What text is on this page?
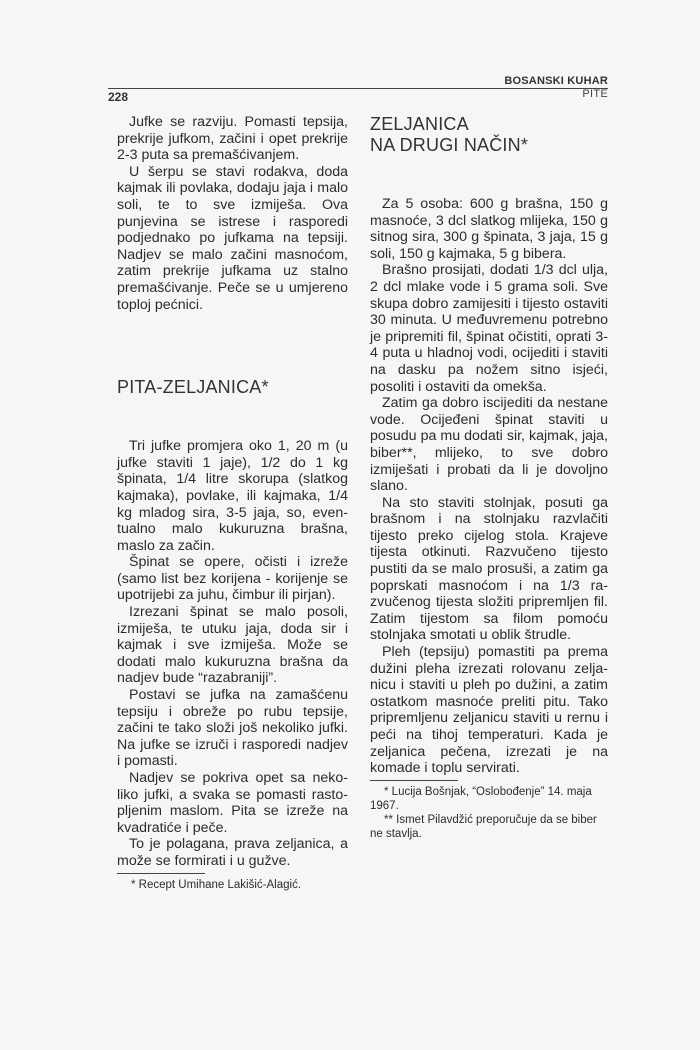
BOSANSKI KUHAR
PITE
228

Jufke se razviju. Pomasti tepsija, prekrije jufkom, začini i opet prekrije 2-3 puta sa premašćivanjem.

U šerpu se stavi rodakva, doda kajmak ili povlaka, dodaju jaja i malo soli, te to sve izmiješa. Ova punjevina se istrese i rasporedi podjednako po jufkama na tepsiji. Nadjev se malo začini masnoćom, zatim prekrije jufkama uz stalno premašćivanje. Peče se u umjereno toploj pećnici.

PITA-ZELJANICA*

Tri jufke promjera oko 1, 20 m (u jufke staviti 1 jaje), 1/2 do 1 kg špinata, 1/4 litre skorupa (slatkog kajmaka), povlake, ili kajmaka, 1/4 kg mladog sira, 3-5 jaja, so, eventualno malo kukuruzna brašna, maslo za začin.

Špinat se opere, očisti i izreže (samo list bez korijena - korijenje se upotrijebi za juhu, čimbur ili pirjan).

Izrezani špinat se malo posoli, izmiješa, te utuku jaja, doda sir i kajmak i sve izmiješa. Može se dodati malo kukuruzna brašna da nadjev bude “razabraniji”.

Postavi se jufka na zamašćenu tepsiju i obreže po rubu tepsije, začini te tako složi još nekoliko jufki. Na jufke se izruči i rasporedi nadjev i pomasti.

Nadjev se pokriva opet sa nekoliko jufki, a svaka se pomasti rastopljenim maslom. Pita se izreže na kvadratiće i peče.

To je polagana, prava zeljanica, a može se formirati i u gužve.

* Recept Umihane Lakišić-Alagić.

ZELJANICA
NA DRUGI NAČIN*

Za 5 osoba: 600 g brašna, 150 g masnoće, 3 dcl slatkog mlijeka, 150 g sitnog sira, 300 g špinata, 3 jaja, 15 g soli, 150 g kajmaka, 5 g bibera.

Brašno prosijati, dodati 1/3 dcl ulja, 2 dcl mlake vode i 5 grama soli. Sve skupa dobro zamijesiti i tijesto ostaviti 30 minuta. U međuvremenu potrebno je pripremiti fil, špinat očistiti, oprati 3-4 puta u hladnoj vodi, ocijediti i staviti na dasku pa nožem sitno isjeći, posoliti i ostaviti da omekša.

Zatim ga dobro iscijediti da nestane vode. Ocijeđeni špinat staviti u posudu pa mu dodati sir, kajmak, jaja, biber**, mlijeko, to sve dobro izmiješati i probati da li je dovoljno slano.

Na sto staviti stolnjak, posuti ga brašnom i na stolnjaku razvlačiti tijesto preko cijelog stola. Krajeve tijesta otkinuti. Razvučeno tijesto pustiti da se malo prosuši, a zatim ga poprskati masnoćom i na 1/3 razvučenog tijesta složiti pripremljen fil. Zatim tijestom sa filom pomoću stolnjaka smotati u oblik štrudle.

Pleh (tepsiju) pomastiti pa prema dužini pleha izrezati rolovanu zeljanicu i staviti u pleh po dužini, a zatim ostatkom masnoće preliti pitu. Tako pripremljenu zeljanicu staviti u rernu i peći na tihoj temperaturi. Kada je zeljanica pečena, izrezati je na komade i toplu servirati.

* Lucija Bošnjak, “Oslobođenje” 14. maja 1967.

** Ismet Pilavdžić preporučuje da se biber ne stavlja.
